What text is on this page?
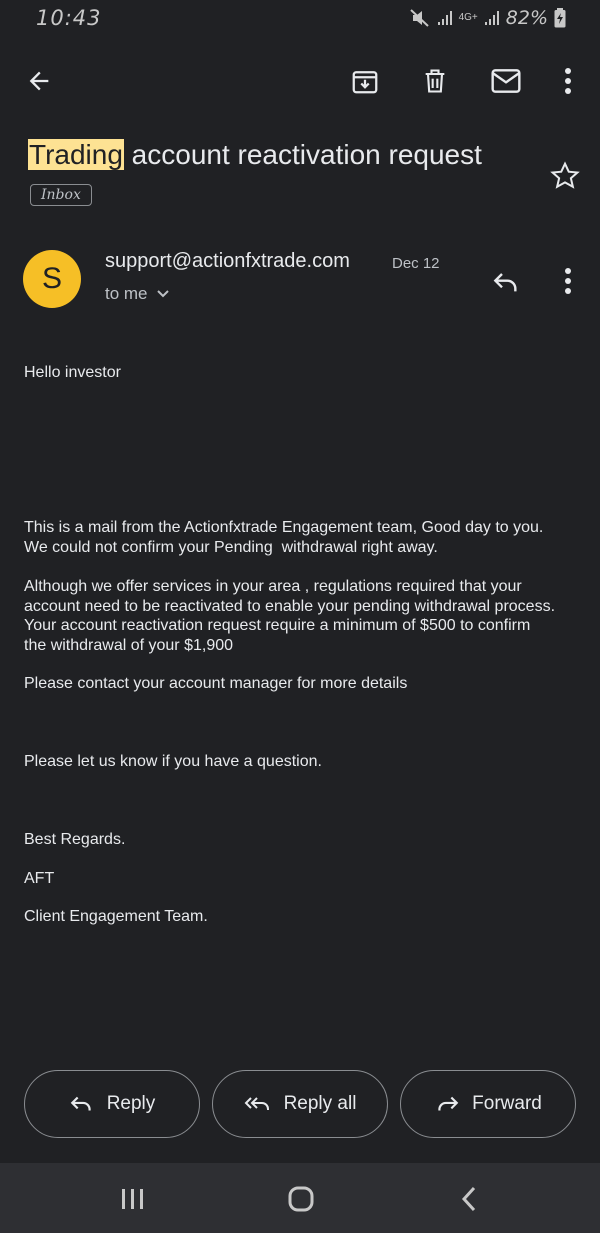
10:43	4G+ 82%
Trading account reactivation request
Inbox
S
support@actionfxtrade.com	Dec 12
to me
Hello investor
This is a mail from the Actionfxtrade Engagement team, Good day to you.
We could not confirm your Pending  withdrawal right away.
Although we offer services in your area , regulations required that your
account need to be reactivated to enable your pending withdrawal process.
Your account reactivation request require a minimum of $500 to confirm
the withdrawal of your $1,900
Please contact your account manager for more details
Please let us know if you have a question.
Best Regards.
AFT
Client Engagement Team.
Reply	Reply all	Forward
